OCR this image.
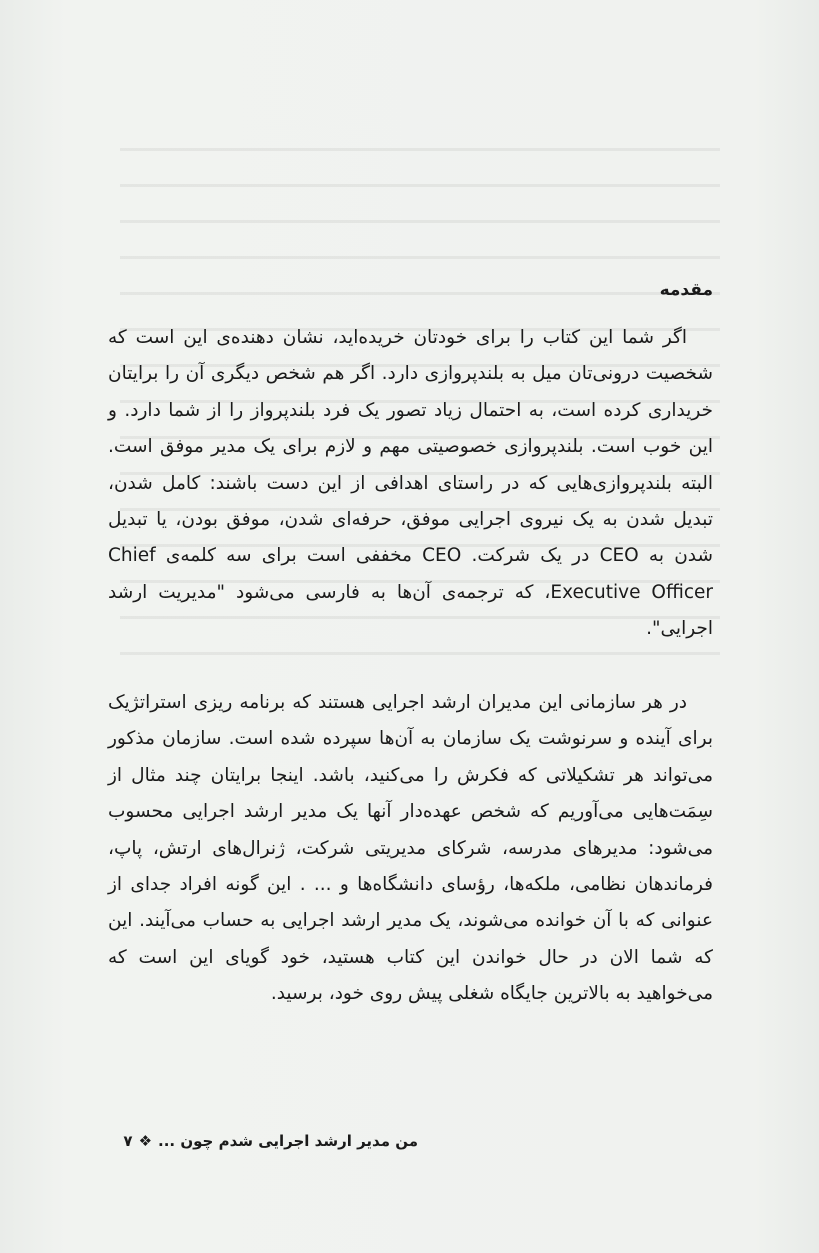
مقدمه

اگر شما این کتاب را برای خودتان خریده‌اید، نشان دهنده‌ی این است که شخصیت درونی‌تان میل به بلندپروازی دارد. اگر هم شخص دیگری آن را برایتان خریداری کرده است، به احتمال زیاد تصور یک فرد بلندپرواز را از شما دارد. و این خوب است. بلندپروازی خصوصیتی مهم و لازم برای یک مدیر موفق است. البته بلندپروازی‌هایی که در راستای اهدافی از این دست باشند: کامل شدن، تبدیل شدن به یک نیروی اجرایی موفق، حرفه‌ای شدن، موفق بودن، یا تبدیل شدن به CEO در یک شرکت. CEO مخففی است برای سه کلمه‌ی Chief Executive Officer، که ترجمه‌ی آن‌ها به فارسی می‌شود "مدیریت ارشد اجرایی".

در هر سازمانی این مدیران ارشد اجرایی هستند که برنامه ریزی استراتژیک برای آینده و سرنوشت یک سازمان به آن‌ها سپرده شده است. سازمان مذکور می‌تواند هر تشکیلاتی که فکرش را می‌کنید، باشد. اینجا برایتان چند مثال از سِمَت‌هایی می‌آوریم که شخص عهده‌دار آنها یک مدیر ارشد اجرایی محسوب می‌شود: مدیرهای مدرسه، شرکای مدیریتی شرکت، ژنرال‌های ارتش، پاپ، فرماندهان نظامی، ملکه‌ها، رؤسای دانشگاه‌ها و ... . این گونه افراد جدای از عنوانی که با آن خوانده می‌شوند، یک مدیر ارشد اجرایی به حساب می‌آیند. این که شما الان در حال خواندن این کتاب هستید، خود گویای این است که می‌خواهید به بالاترین جایگاه شغلی پیش روی خود، برسید.

من مدیر ارشد اجرایی شدم چون ...❖۷
